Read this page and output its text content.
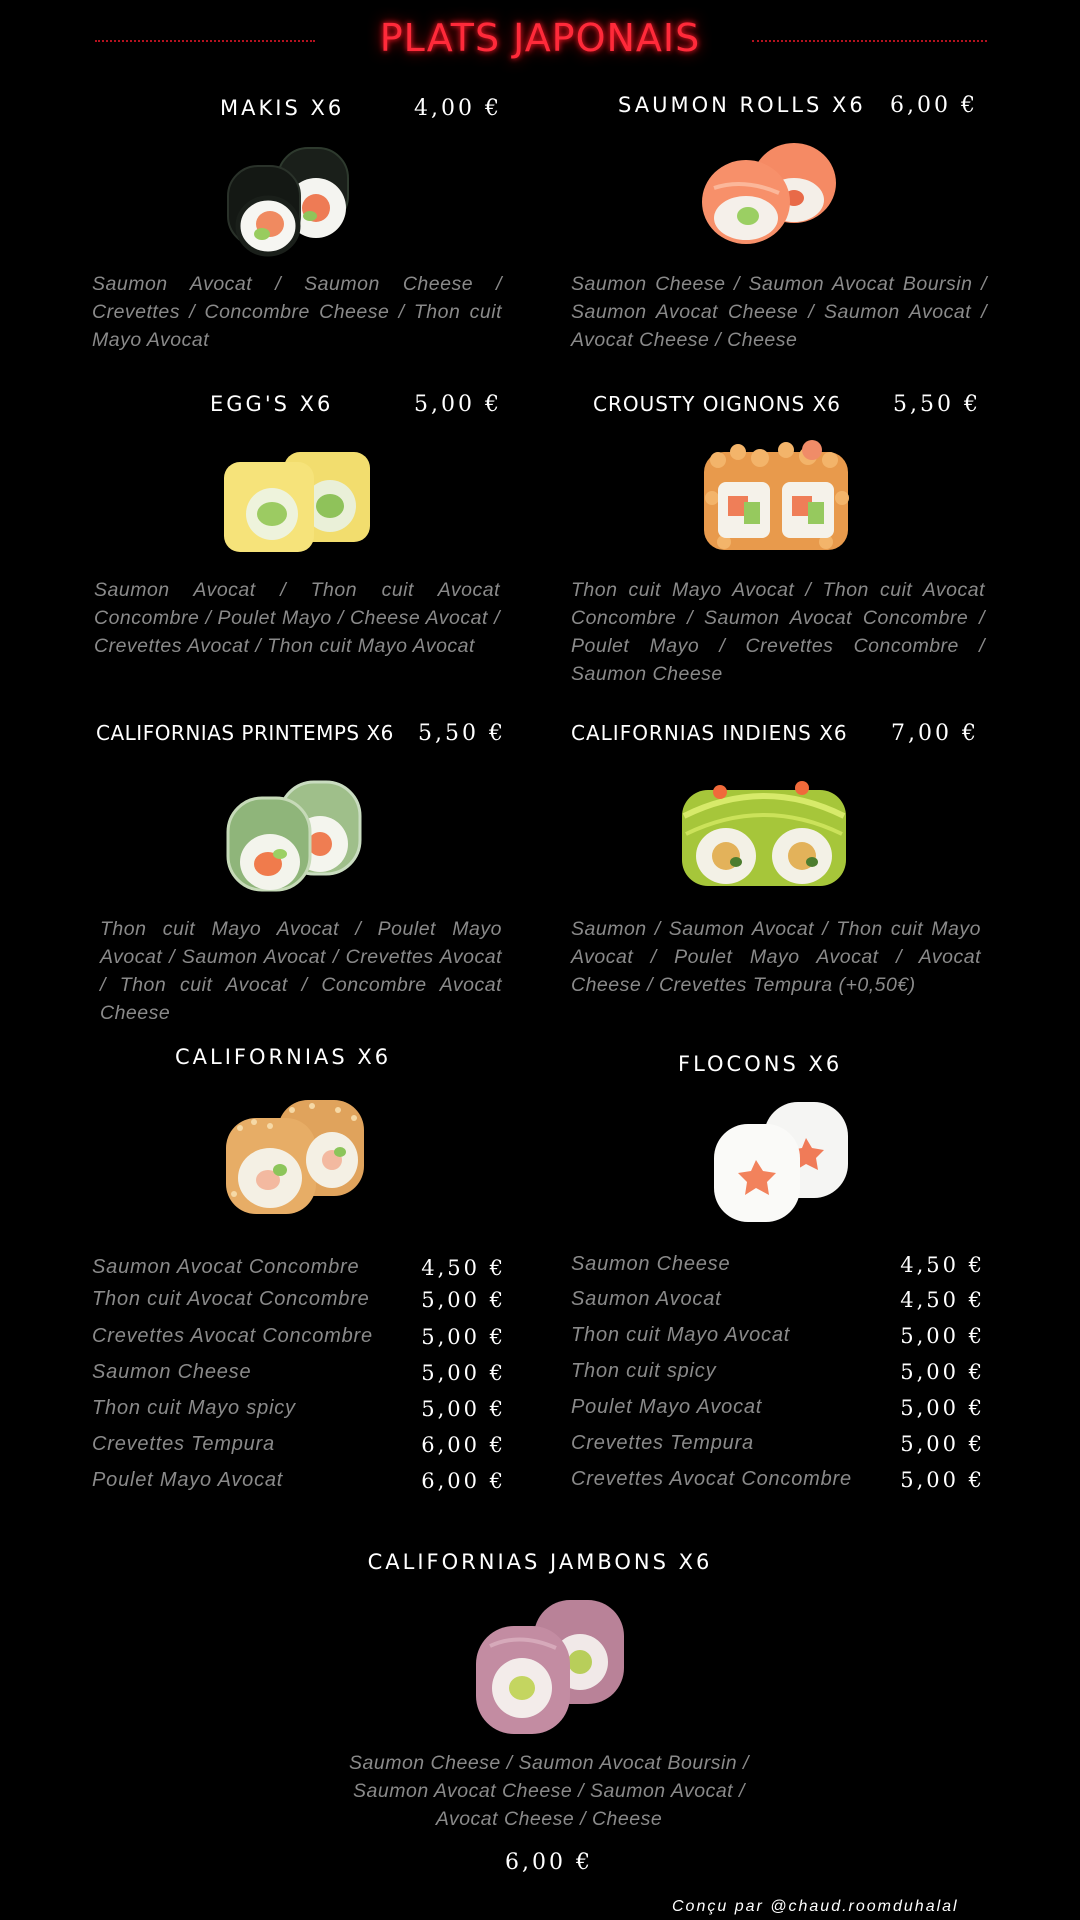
PLATS JAPONAIS
MAKIS X6	4,00 €
Saumon Avocat / Saumon Cheese / Crevettes / Concombre Cheese / Thon cuit Mayo Avocat
SAUMON ROLLS X6 6,00 €
Saumon Cheese / Saumon Avocat Boursin / Saumon Avocat Cheese / Saumon Avocat / Avocat Cheese / Cheese
EGG'S X6	5,00 €
Saumon Avocat / Thon cuit Avocat Concombre / Poulet Mayo / Cheese Avocat / Crevettes Avocat / Thon cuit Mayo Avocat
CROUSTY OIGNONS X6 5,50 €
Thon cuit Mayo Avocat / Thon cuit Avocat Concombre / Saumon Avocat Concombre / Poulet Mayo / Crevettes Concombre / Saumon Cheese
CALIFORNIAS PRINTEMPS X6 5,50 €
Thon cuit Mayo Avocat / Poulet Mayo Avocat / Saumon Avocat / Crevettes Avocat / Thon cuit Avocat / Concombre Avocat Cheese
CALIFORNIAS INDIENS X6 7,00 €
Saumon / Saumon Avocat / Thon cuit Mayo Avocat / Poulet Mayo Avocat / Avocat Cheese / Crevettes Tempura (+0,50€)
CALIFORNIAS X6	FLOCONS X6
Saumon Avocat Concombre	4,50 €
Thon cuit Avocat Concombre 5,00 €
Crevettes Avocat Concombre 5,00 €
Saumon Cheese	5,00 €
Thon cuit Mayo spicy	5,00 €
Crevettes Tempura	6,00 €
Poulet Mayo Avocat	6,00 €
Saumon Cheese	4,50 €
Saumon Avocat	4,50 €
Thon cuit Mayo Avocat	5,00 €
Thon cuit spicy	5,00 €
Poulet Mayo Avocat	5,00 €
Crevettes Tempura	5,00 €
Crevettes Avocat Concombre 5,00 €
CALIFORNIAS JAMBONS X6
Saumon Cheese / Saumon Avocat Boursin /
Saumon Avocat Cheese / Saumon Avocat /
Avocat Cheese / Cheese
6,00 €
Conçu par @chaud.roomduhalal
